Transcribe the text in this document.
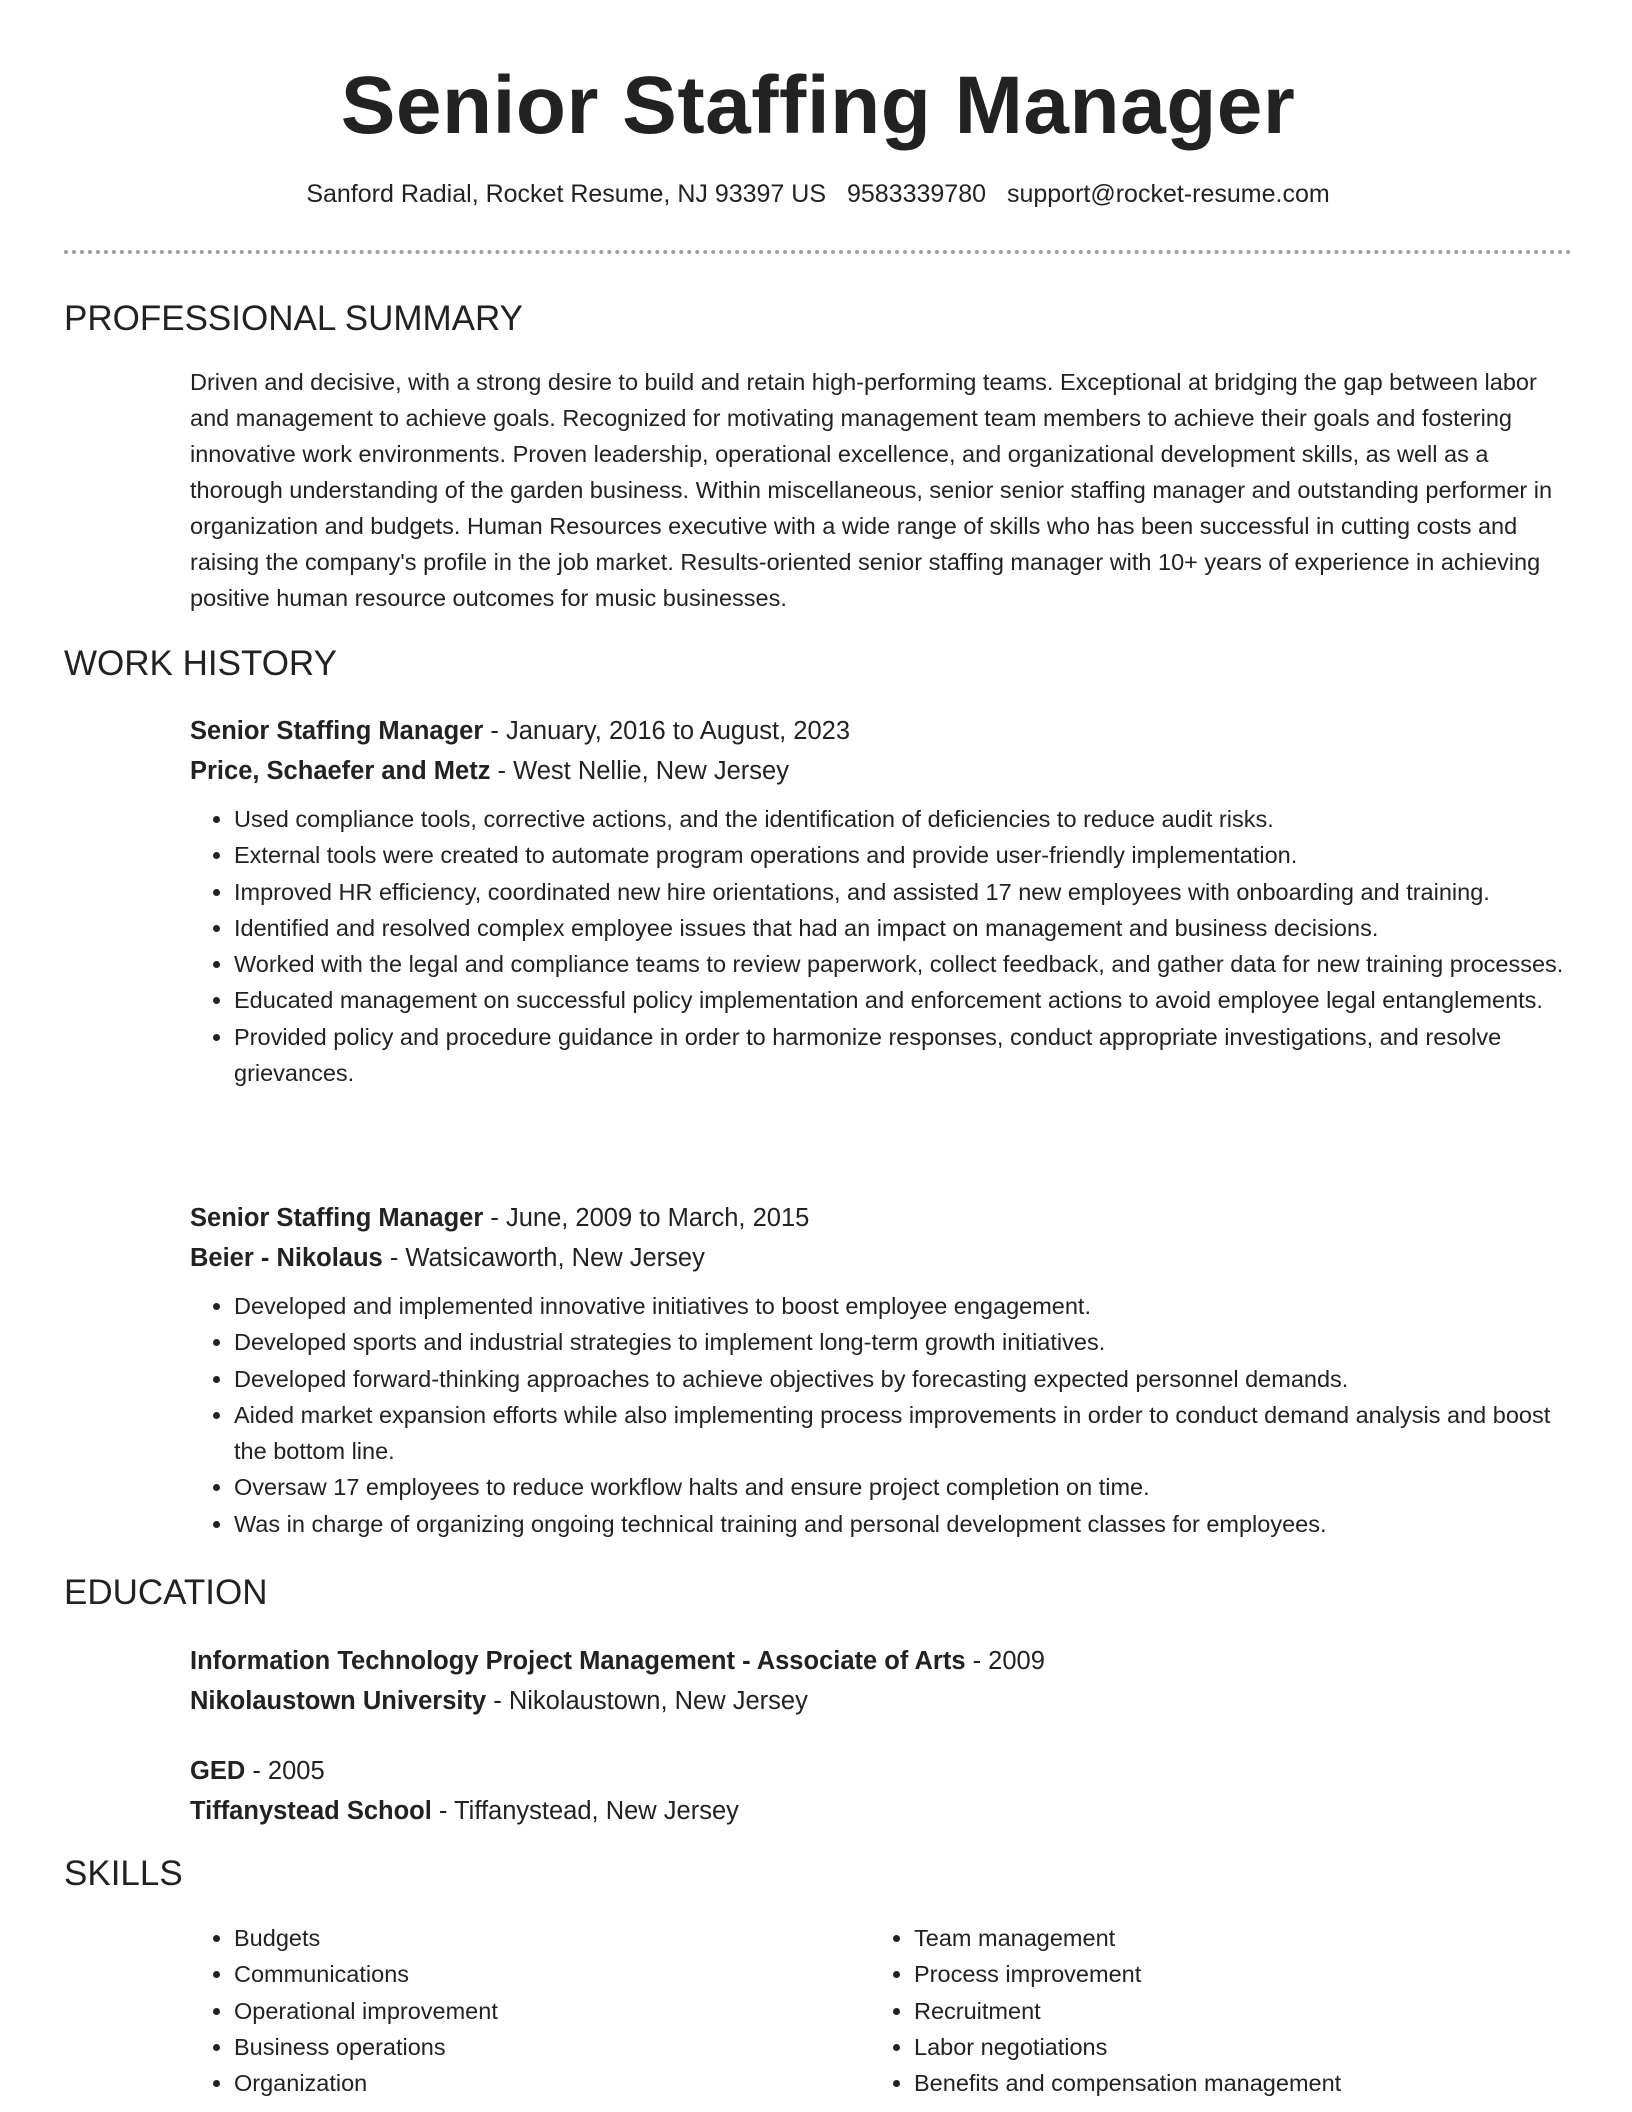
Senior Staffing Manager
Sanford Radial, Rocket Resume, NJ 93397 US 9583339780 support@rocket-resume.com
PROFESSIONAL SUMMARY

Driven and decisive, with a strong desire to build and retain high-performing teams. Exceptional at bridging the gap between labor and management to achieve goals. Recognized for motivating management team members to achieve their goals and fostering innovative work environments. Proven leadership, operational excellence, and organizational development skills, as well as a thorough understanding of the garden business. Within miscellaneous, senior senior staffing manager and outstanding performer in organization and budgets. Human Resources executive with a wide range of skills who has been successful in cutting costs and raising the company's profile in the job market. Results-oriented senior staffing manager with 10+ years of experience in achieving positive human resource outcomes for music businesses.

WORK HISTORY
Senior Staffing Manager - January, 2016 to August, 2023
Price, Schaefer and Metz - West Nellie, New Jersey
• Used compliance tools, corrective actions, and the identification of deficiencies to reduce audit risks.
• External tools were created to automate program operations and provide user-friendly implementation.
• Improved HR efficiency, coordinated new hire orientations, and assisted 17 new employees with onboarding and training.
• Identified and resolved complex employee issues that had an impact on management and business decisions.
• Worked with the legal and compliance teams to review paperwork, collect feedback, and gather data for new training processes.
• Educated management on successful policy implementation and enforcement actions to avoid employee legal entanglements.
• Provided policy and procedure guidance in order to harmonize responses, conduct appropriate investigations, and resolve grievances.
Senior Staffing Manager - June, 2009 to March, 2015
Beier - Nikolaus - Watsicaworth, New Jersey
• Developed and implemented innovative initiatives to boost employee engagement.
• Developed sports and industrial strategies to implement long-term growth initiatives.
• Developed forward-thinking approaches to achieve objectives by forecasting expected personnel demands.
• Aided market expansion efforts while also implementing process improvements in order to conduct demand analysis and boost the bottom line.
• Oversaw 17 employees to reduce workflow halts and ensure project completion on time.
• Was in charge of organizing ongoing technical training and personal development classes for employees.
EDUCATION
Information Technology Project Management - Associate of Arts - 2009
Nikolaustown University - Nikolaustown, New Jersey
GED - 2005
Tiffanystead School - Tiffanystead, New Jersey
SKILLS
• Budgets
• Communications
• Operational improvement
• Business operations
• Organization
• Team management
• Process improvement
• Recruitment
• Labor negotiations
• Benefits and compensation management
